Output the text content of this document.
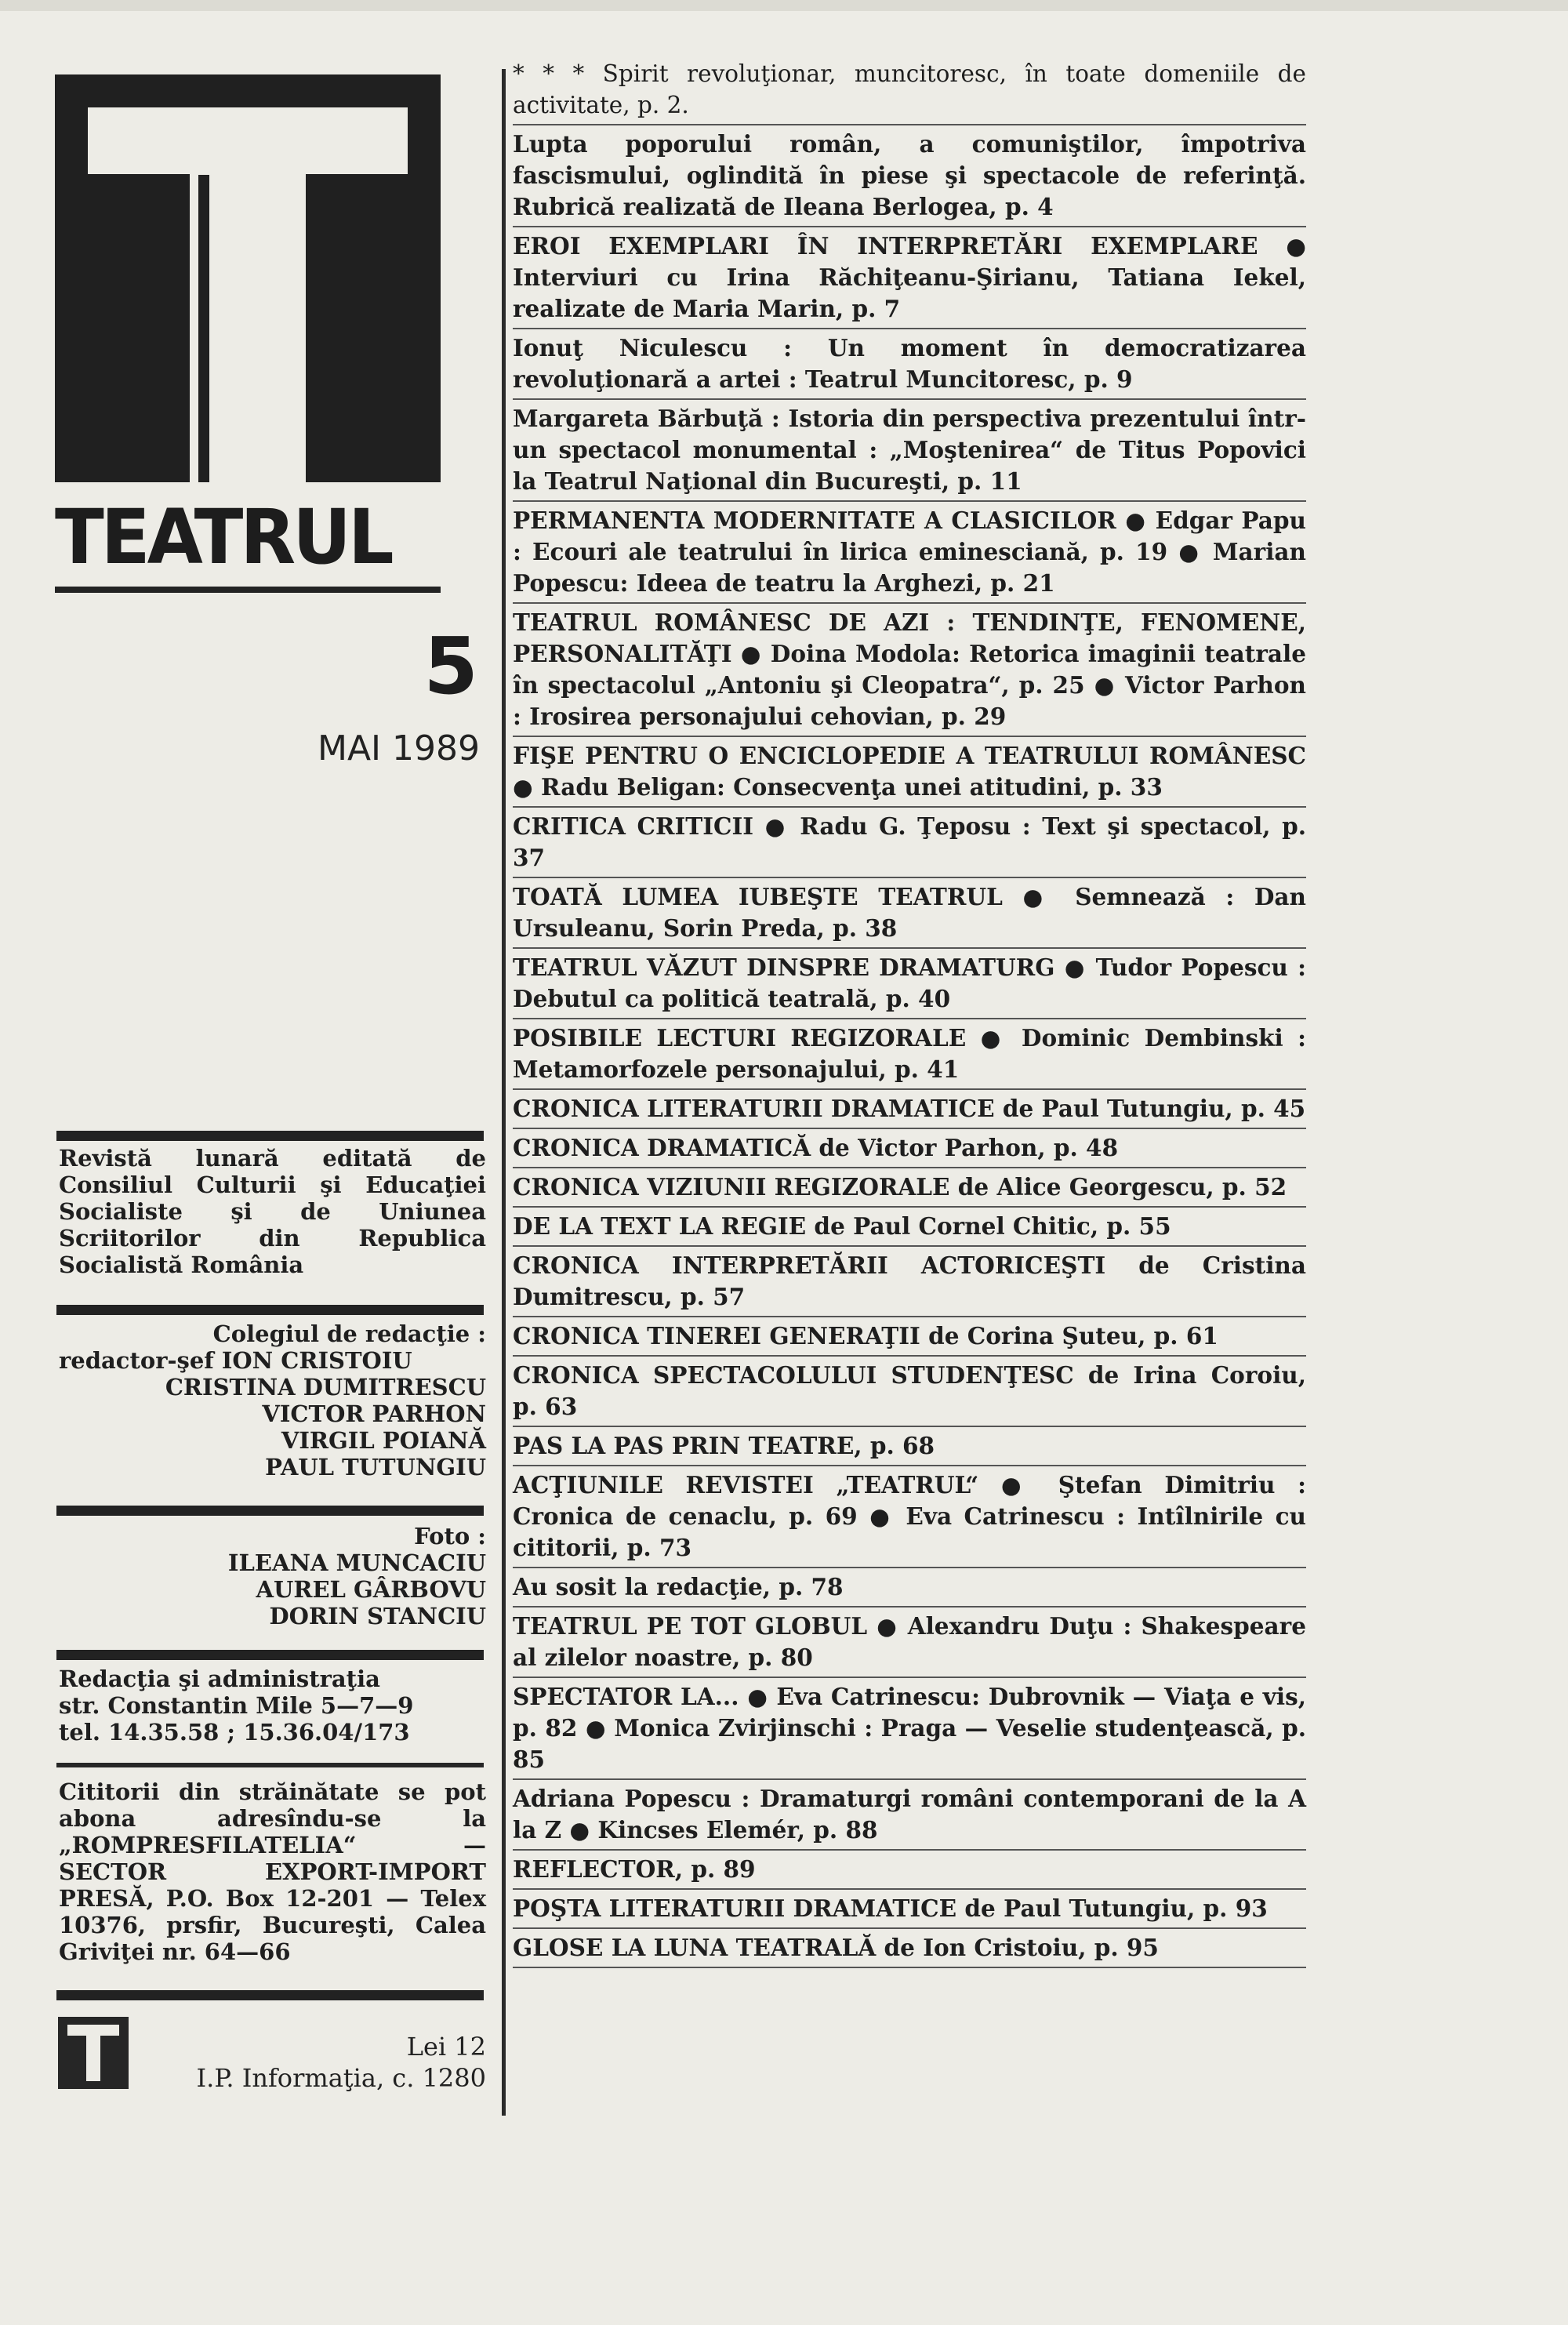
TEATRUL
5
MAI 1989
Revistă lunară editată de Consiliul Culturii şi Educaţiei Socialiste şi de Uniunea Scriitorilor din Republica Socialistă România
Colegiul de redacţie :
redactor-şef ION CRISTOIU
CRISTINA DUMITRESCU
VICTOR PARHON
VIRGIL POIANĂ
PAUL TUTUNGIU
Foto :
ILEANA MUNCACIU
AUREL GÂRBOVU
DORIN STANCIU
Redacţia şi administraţia
str. Constantin Mile 5—7—9
tel. 14.35.58 ; 15.36.04/173
Cititorii din străinătate se pot abona adresîndu-se la „ROMPRESFILATELIA“ — SECTOR EXPORT-IMPORT PRESĂ, P.O. Box 12-201 — Telex 10376, prsfir, Bucureşti, Calea Griviţei nr. 64—66
Lei 12
I.P. Informaţia, c. 1280
* * * Spirit revoluţionar, muncitoresc, în toate domeniile de activitate, p. 2.
Lupta poporului român, a comuniştilor, împotriva fascismului, oglindită în piese şi spectacole de referinţă. Rubrică realizată de Ileana Berlogea, p. 4
EROI EXEMPLARI ÎN INTERPRETĂRI EXEMPLARE ● Interviuri cu Irina Răchiţeanu-Şirianu, Tatiana Iekel, realizate de Maria Marin, p. 7
Ionuţ Niculescu : Un moment în democratizarea revoluţionară a artei : Teatrul Muncitoresc, p. 9
Margareta Bărbuţă : Istoria din perspectiva prezentului într-un spectacol monumental : „Moştenirea“ de Titus Popovici la Teatrul Naţional din Bucureşti, p. 11
PERMANENTA MODERNITATE A CLASICILOR ● Edgar Papu : Ecouri ale teatrului în lirica eminesciană, p. 19 ● Marian Popescu: Ideea de teatru la Arghezi, p. 21
TEATRUL ROMÂNESC DE AZI : TENDINŢE, FENOMENE, PERSONALITĂŢI ● Doina Modola: Retorica imaginii teatrale în spectacolul „Antoniu şi Cleopatra“, p. 25 ● Victor Parhon : Irosirea personajului cehovian, p. 29
FIŞE PENTRU O ENCICLOPEDIE A TEATRULUI ROMÂNESC ● Radu Beligan: Consecvenţa unei atitudini, p. 33
CRITICA CRITICII ● Radu G. Ţeposu : Text şi spectacol, p. 37
TOATĂ LUMEA IUBEŞTE TEATRUL ● Semnează : Dan Ursuleanu, Sorin Preda, p. 38
TEATRUL VĂZUT DINSPRE DRAMATURG ● Tudor Popescu : Debutul ca politică teatrală, p. 40
POSIBILE LECTURI REGIZORALE ● Dominic Dembinski : Metamorfozele personajului, p. 41
CRONICA LITERATURII DRAMATICE de Paul Tutungiu, p. 45
CRONICA DRAMATICĂ de Victor Parhon, p. 48
CRONICA VIZIUNII REGIZORALE de Alice Georgescu, p. 52
DE LA TEXT LA REGIE de Paul Cornel Chitic, p. 55
CRONICA INTERPRETĂRII ACTORICEŞTI de Cristina Dumitrescu, p. 57
CRONICA TINEREI GENERAŢII de Corina Şuteu, p. 61
CRONICA SPECTACOLULUI STUDENŢESC de Irina Coroiu, p. 63
PAS LA PAS PRIN TEATRE, p. 68
ACŢIUNILE REVISTEI „TEATRUL“ ● Ştefan Dimitriu : Cronica de cenaclu, p. 69 ● Eva Catrinescu : Intîlnirile cu cititorii, p. 73
Au sosit la redacţie, p. 78
TEATRUL PE TOT GLOBUL ● Alexandru Duţu : Shakespeare al zilelor noastre, p. 80
SPECTATOR LA... ● Eva Catrinescu: Dubrovnik — Viaţa e vis, p. 82 ● Monica Zvirjinschi : Praga — Veselie studenţească, p. 85
Adriana Popescu : Dramaturgi români contemporani de la A la Z ● Kincses Elemér, p. 88
REFLECTOR, p. 89
POŞTA LITERATURII DRAMATICE de Paul Tutungiu, p. 93
GLOSE LA LUNA TEATRALĂ de Ion Cristoiu, p. 95
